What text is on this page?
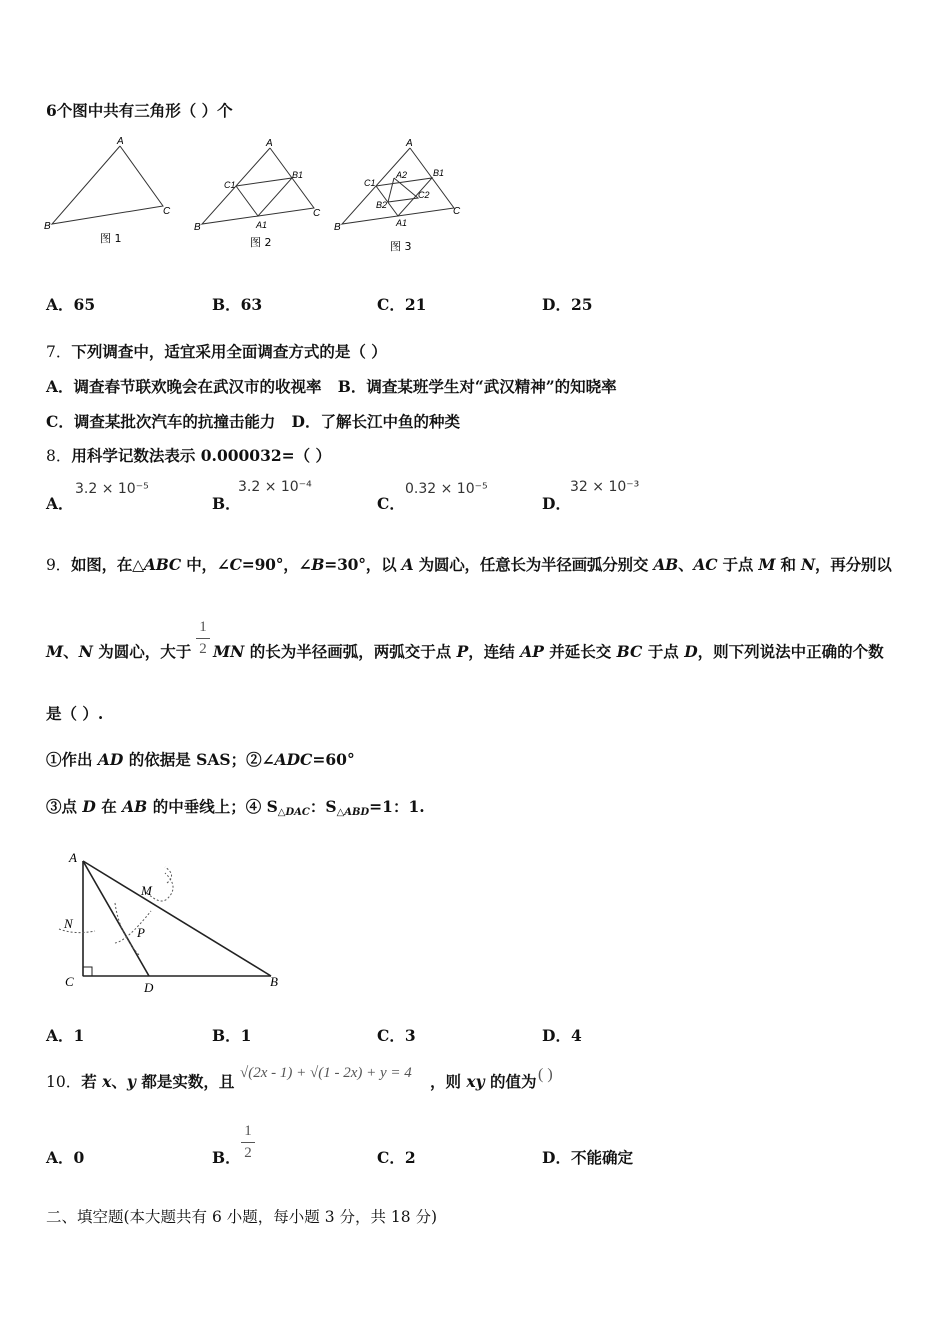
6个图中共有三角形（ ）个
A
B
C
图 1
A
B
C
B1
C1
A1
图 2
A
B
C
B1
C1
A1
A2
B2
C2
图 3
A．65	B．63	C．21	D．25
7．下列调查中，适宜采用全面调查方式的是（ ）
A．调查春节联欢晚会在武汉市的收视率 B．调查某班学生对“武汉精神”的知晓率
C．调查某批次汽车的抗撞击能力 D．了解长江中鱼的种类
8．用科学记数法表示 0.000032=（ ）
A．
3.2 × 10⁻⁵
B．
3.2 × 10⁻⁴
C．
0.32 × 10⁻⁵
D．
32 × 10⁻³
9．如图，在△ABC 中，∠C=90°，∠B=30°，以 A 为圆心，任意长为半径画弧分别交 AB、AC 于点 M 和 N，再分别以
M、N 为圆心，大于
1
2 MN 的长为半径画弧，两弧交于点 P，连结 AP 并延长交 BC 于点 D，则下列说法中正确的个数
是（ ）.
①作出 AD 的依据是 SAS；②∠ADC=60°
③点 D 在 AB 的中垂线上；④ $S_{\triangle DAC}$：$S_{\triangle ABD}=1$：1.
A
M
N
P
C	D	B
A．1	B．1	C．3	D．4
10．若 x、y 都是实数，且 √(2x - 1) + √(1 - 2x) + y = 4 ，则 xy 的值为 ( )
A．0	B．
1
2	C．2	D．不能确定
二、填空题(本大题共有 6 小题，每小题 3 分，共 18 分)
